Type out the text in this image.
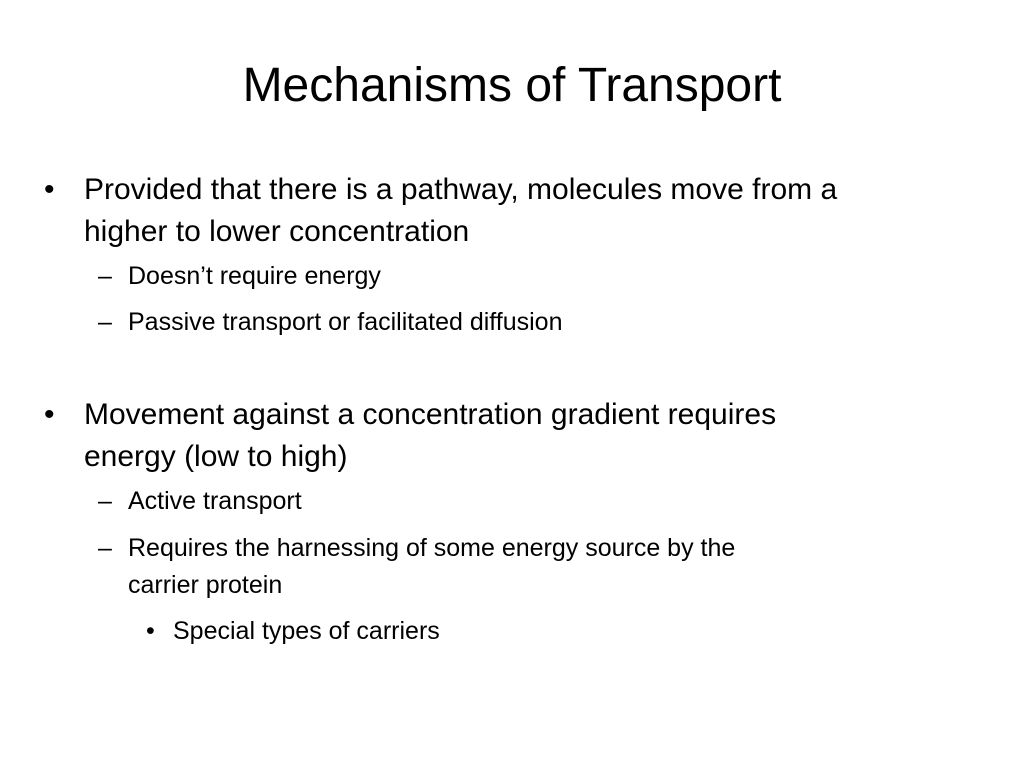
Mechanisms of Transport
• Provided that there is a pathway, molecules move from a
higher to lower concentration
– Doesn’t require energy
– Passive transport or facilitated diffusion
• Movement against a concentration gradient requires
energy (low to high)
– Active transport
– Requires the harnessing of some energy source by the
carrier protein
• Special types of carriers
